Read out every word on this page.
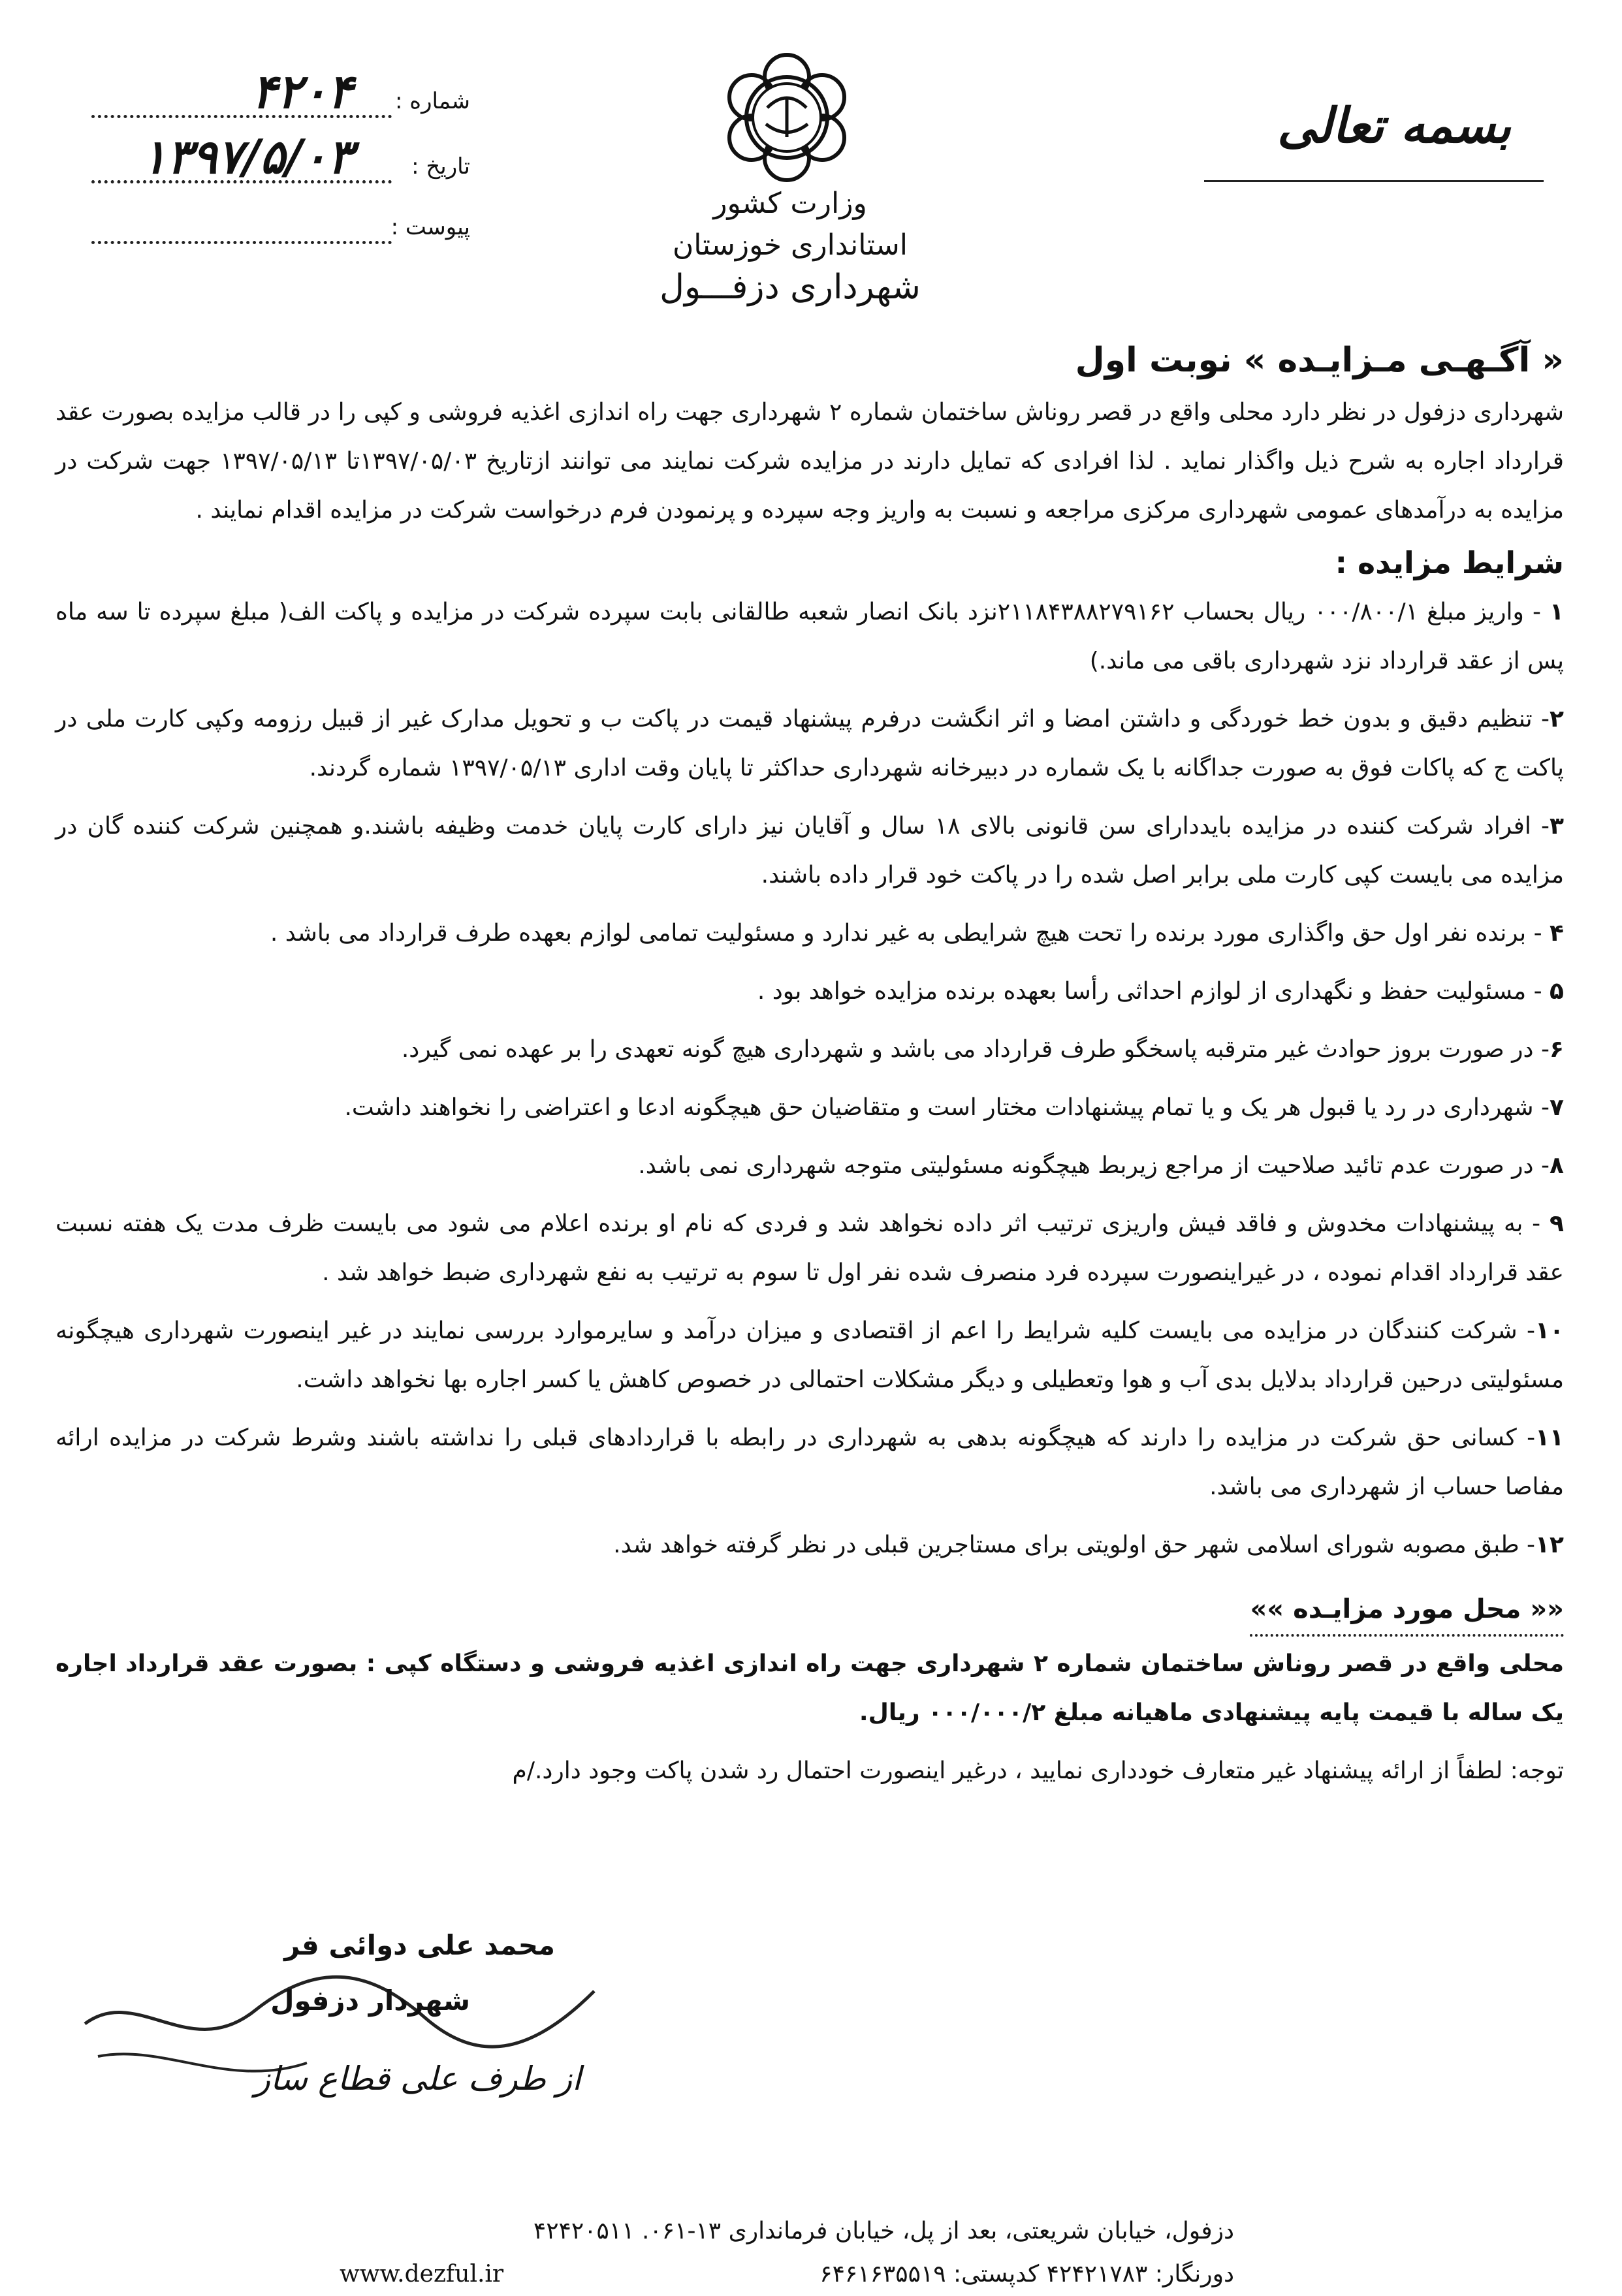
بسمه تعالی
وزارت کشور
استانداری خوزستان
شهرداری دزفـــول
شماره :
۴۲۰۴
تاریخ :
۱۳۹۷/۵/۰۳
پیوست :
« آگـهـی مـزایـده » نوبت اول

شهرداری دزفول در نظر دارد محلی واقع در قصر روناش ساختمان شماره ۲ شهرداری جهت راه اندازی اغذیه فروشی و کپی را در قالب مزایده بصورت عقد قرارداد اجاره به شرح ذیل واگذار نماید . لذا افرادی که تمایل دارند در مزایده شرکت نمایند می توانند ازتاریخ ۱۳۹۷/۰۵/۰۳تا ۱۳۹۷/۰۵/۱۳ جهت شرکت در مزایده به درآمدهای عمومی شهرداری مرکزی مراجعه و نسبت به واریز وجه سپرده و پرنمودن فرم درخواست شرکت در مزایده اقدام نمایند .

شرایط مزایده :
۱ - واریز مبلغ ۰۰۰/۸۰۰/۱ ریال بحساب ۲۱۱۸۴۳۸۸۲۷۹۱۶۲نزد بانک انصار شعبه طالقانی بابت سپرده شرکت در مزایده و پاکت الف( مبلغ سپرده تا سه ماه پس از عقد قرارداد نزد شهرداری باقی می ماند.)
۲- تنظیم دقیق و بدون خط خوردگی و داشتن امضا و اثر انگشت درفرم پیشنهاد قیمت در پاکت ب و تحویل مدارک غیر از قبیل رزومه وکپی کارت ملی در پاکت ج که پاکات فوق به صورت جداگانه با یک شماره در دبیرخانه شهرداری حداکثر تا پایان وقت اداری ۱۳۹۷/۰۵/۱۳ شماره گردند.
۳- افراد شرکت کننده در مزایده بایددارای سن قانونی بالای ۱۸ سال و آقایان نیز دارای کارت پایان خدمت وظیفه باشند.و همچنین شرکت کننده گان در مزایده می بایست کپی کارت ملی برابر اصل شده را در پاکت خود قرار داده باشند.
۴ - برنده نفر اول حق واگذاری مورد برنده را تحت هیچ شرایطی به غیر ندارد و مسئولیت تمامی لوازم بعهده طرف قرارداد می باشد .
۵ - مسئولیت حفظ و نگهداری از لوازم احداثی رأسا بعهده برنده مزایده خواهد بود .
۶- در صورت بروز حوادث غیر مترقبه پاسخگو طرف قرارداد می باشد و شهرداری هیچ گونه تعهدی را بر عهده نمی گیرد.
۷- شهرداری در رد یا قبول هر یک و یا تمام پیشنهادات مختار است و متقاضیان حق هیچگونه ادعا و اعتراضی را نخواهند داشت.
۸- در صورت عدم تائید صلاحیت از مراجع زیربط هیچگونه مسئولیتی متوجه شهرداری نمی باشد.
۹ - به پیشنهادات مخدوش و فاقد فیش واریزی ترتیب اثر داده نخواهد شد و فردی که نام او برنده اعلام می شود می بایست ظرف مدت یک هفته نسبت عقد قرارداد اقدام نموده ، در غیراینصورت سپرده فرد منصرف شده نفر اول تا سوم به ترتیب به نفع شهرداری ضبط خواهد شد .
۱۰- شرکت کنندگان در مزایده می بایست کلیه شرایط را اعم از اقتصادی و میزان درآمد و سایرموارد بررسی نمایند در غیر اینصورت شهرداری هیچگونه مسئولیتی درحین قرارداد بدلایل بدی آب و هوا وتعطیلی و دیگر مشکلات احتمالی در خصوص کاهش یا کسر اجاره بها نخواهد داشت.
۱۱- کسانی حق شرکت در مزایده را دارند که هیچگونه بدهی به شهرداری در رابطه با قراردادهای قبلی را نداشته باشند وشرط شرکت در مزایده ارائه مفاصا حساب از شهرداری می باشد.
۱۲- طبق مصوبه شورای اسلامی شهر حق اولویتی برای مستاجرین قبلی در نظر گرفته خواهد شد.
«« محل مورد مزایـده »»

محلی واقع در قصر روناش ساختمان شماره ۲ شهرداری جهت راه اندازی اغذیه فروشی و دستگاه کپی : بصورت عقد قرارداد اجاره یک ساله با قیمت پایه پیشنهادی ماهیانه مبلغ ۰۰۰/۰۰۰/۲ ریال.

توجه: لطفاً از ارائه پیشنهاد غیر متعارف خودداری نمایید ، درغیر اینصورت احتمال رد شدن پاکت وجود دارد./م

محمد علی دوائی فر
شهردار دزفول
از طرف علی قطاع ساز
دزفول، خیابان شریعتی، بعد از پل، خیابان فرمانداری ۱۳-۰۶۱. ۴۲۴۲۰۵۱۱
دورنگار: ۴۲۴۲۱۷۸۳ کدپستی: ۶۴۶۱۶۳۵۵۱۹
www.dezful.ir
